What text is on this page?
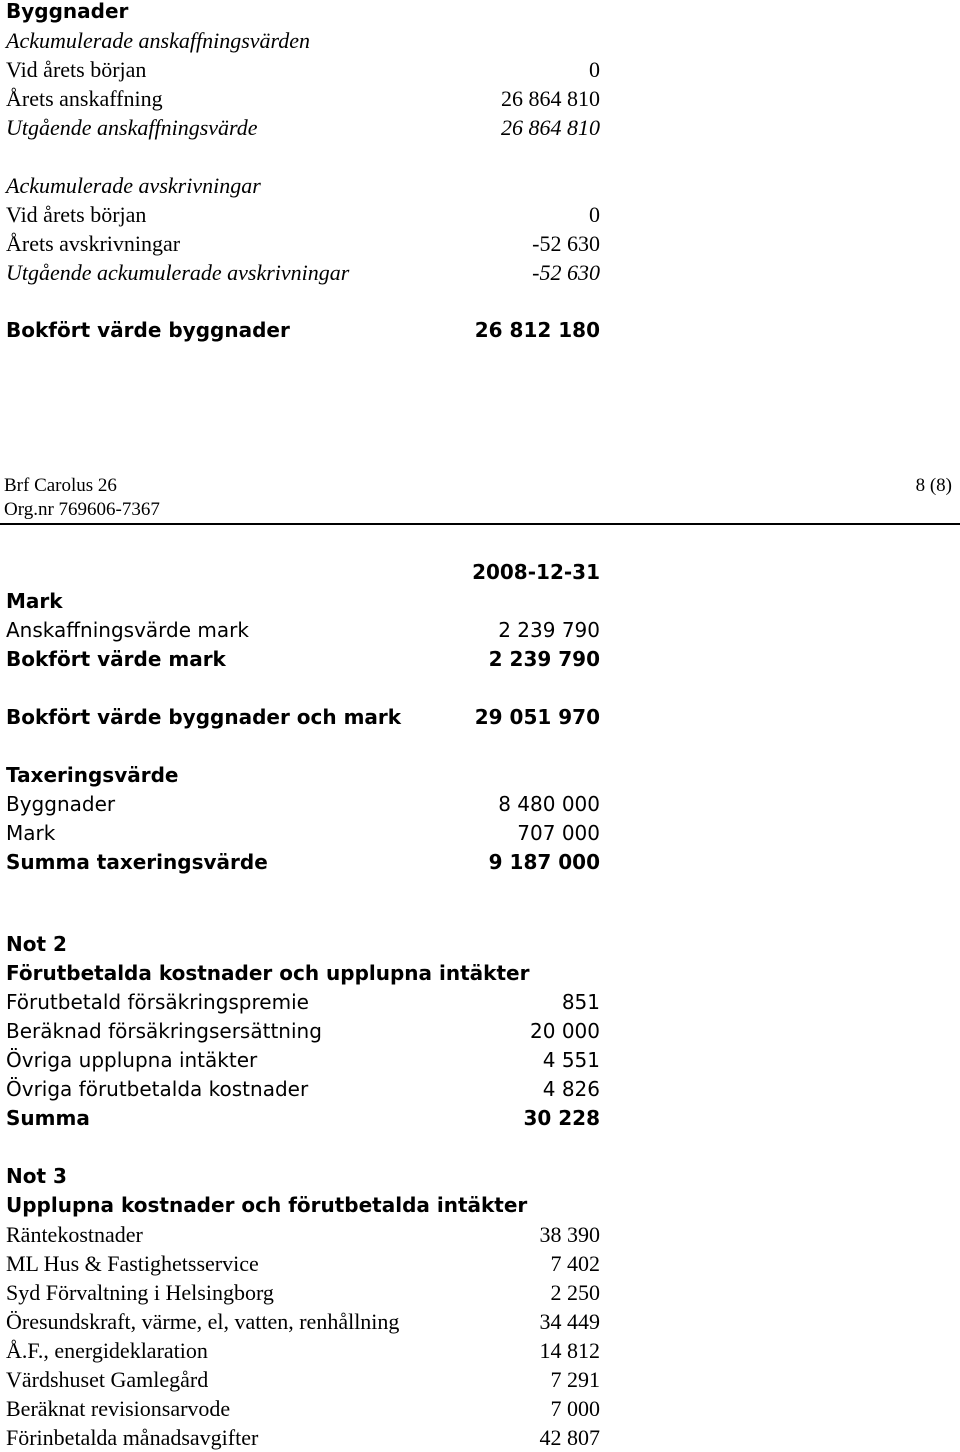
Byggnader
Ackumulerade anskaffningsvärden
Vid årets början	0
Årets anskaffning	26 864 810
Utgående anskaffningsvärde	26 864 810
Ackumulerade avskrivningar
Vid årets början	0
Årets avskrivningar	-52 630
Utgående ackumulerade avskrivningar	-52 630
Bokfört värde byggnader	26 812 180
Brf Carolus 26
Org.nr 769606-7367
8 (8)
2008-12-31
Mark
Anskaffningsvärde mark	2 239 790
Bokfört värde mark	2 239 790
Bokfört värde byggnader och mark	29 051 970
Taxeringsvärde
Byggnader	8 480 000
Mark	707 000
Summa taxeringsvärde	9 187 000
Not 2
Förutbetalda kostnader och upplupna intäkter
Förutbetald försäkringspremie	851
Beräknad försäkringsersättning	20 000
Övriga upplupna intäkter	4 551
Övriga förutbetalda kostnader	4 826
Summa	30 228
Not 3
Upplupna kostnader och förutbetalda intäkter
Räntekostnader	38 390
ML Hus & Fastighetsservice	7 402
Syd Förvaltning i Helsingborg	2 250
Öresundskraft, värme, el, vatten, renhållning	34 449
Å.F., energideklaration	14 812
Värdshuset Gamlegård	7 291
Beräknat revisionsarvode	7 000
Förinbetalda månadsavgifter	42 807
